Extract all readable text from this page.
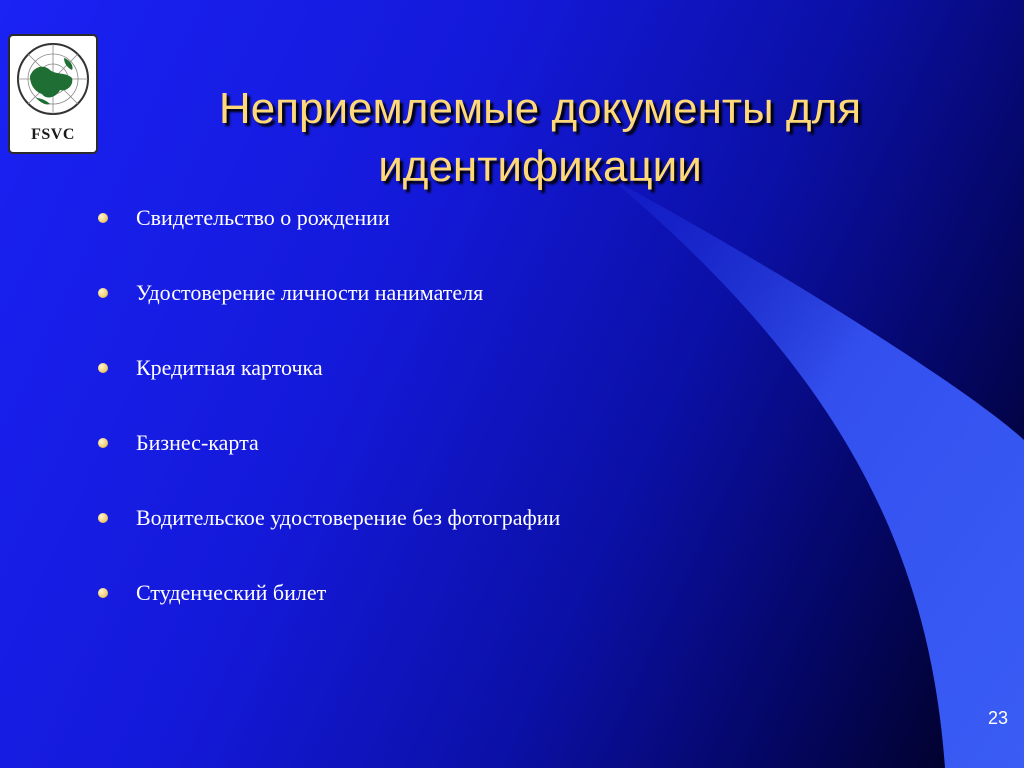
FSVC
Неприемлемые документы для
идентификации
Свидетельство о рождении
Удостоверение личности нанимателя
Кредитная карточка
Бизнес-карта
Водительское удостоверение без фотографии
Студенческий билет
23
